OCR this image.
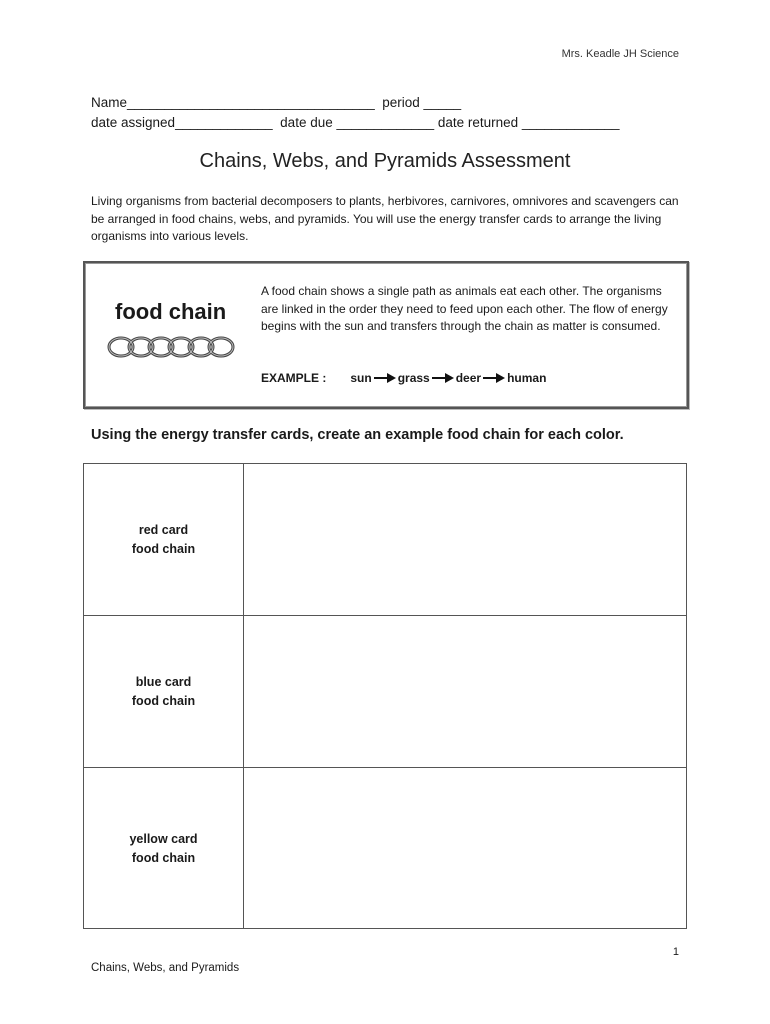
Mrs. Keadle JH Science
Name_________________________________  period _____
date assigned_____________  date due _____________ date returned _____________
Chains, Webs, and Pyramids Assessment
Living organisms from bacterial decomposers to plants, herbivores, carnivores, omnivores and scavengers can be arranged in food chains, webs, and pyramids. You will use the energy transfer cards to arrange the living organisms into various levels.
food chain
A food chain shows a single path as animals eat each other. The organisms are linked in the order they need to feed upon each other. The flow of energy begins with the sun and transfers through the chain as matter is consumed.
EXAMPLE : sun grass deer human
Using the energy transfer cards, create an example food chain for each color.
red card
food chain	

blue card
food chain	

yellow card
food chain	

1
Chains, Webs, and Pyramids
